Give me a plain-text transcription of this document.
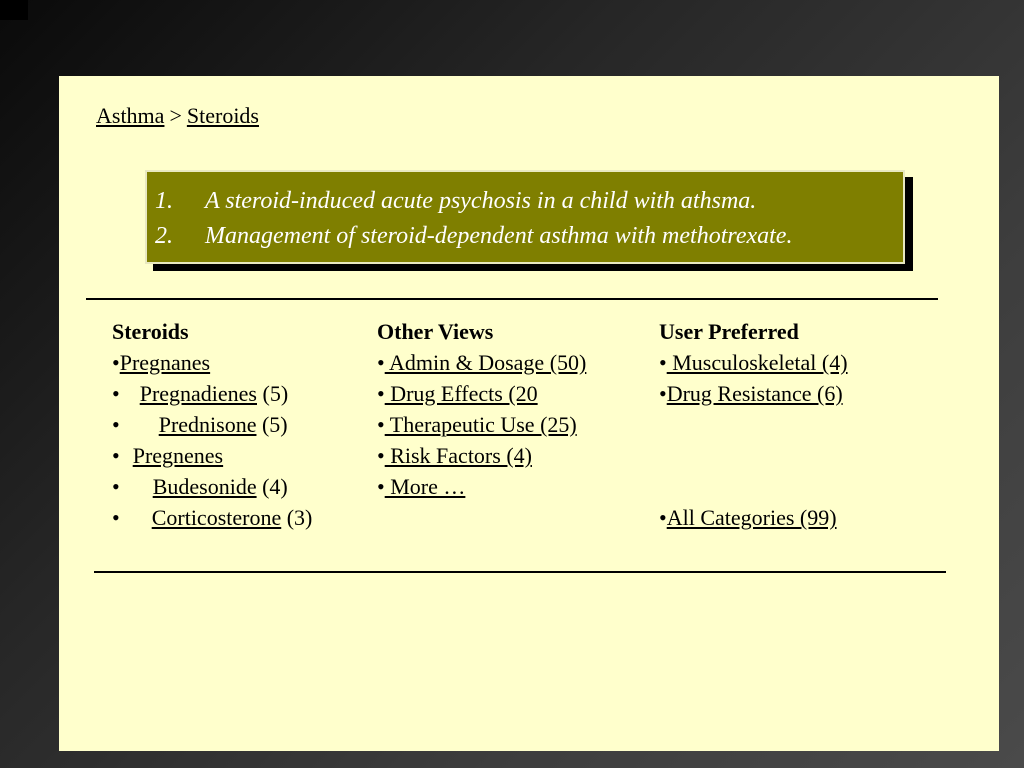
Asthma > Steroids
1. A steroid-induced acute psychosis in a child with athsma.
2. Management of steroid-dependent asthma with methotrexate.
Steroids
•Pregnanes
• Pregnadienes (5)
• Prednisone (5)
• Pregnenes
• Budesonide (4)
• Corticosterone (3)
Other Views
• Admin & Dosage (50)
• Drug Effects (20
• Therapeutic Use (25)
• Risk Factors (4)
• More …
User Preferred
• Musculoskeletal (4)
•Drug Resistance (6)
•All Categories (99)
